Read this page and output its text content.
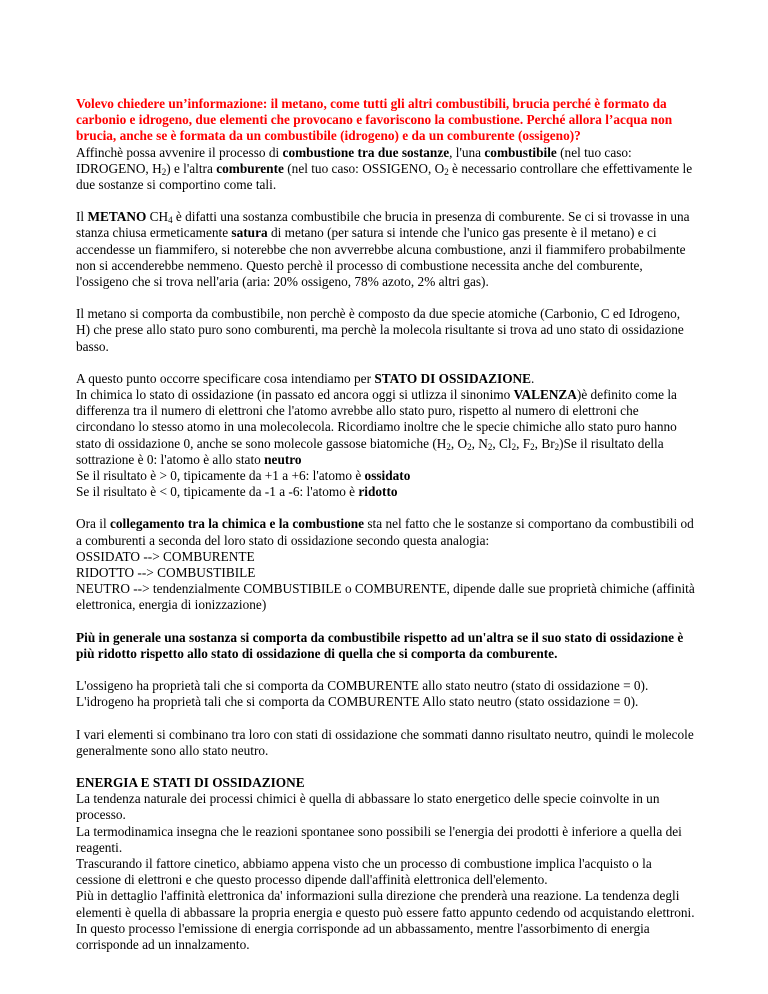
Volevo chiedere un’informazione: il metano, come tutti gli altri combustibili, brucia perché è formato da carbonio e idrogeno, due elementi che provocano e favoriscono la combustione. Perché allora l’acqua non brucia, anche se è formata da un combustibile (idrogeno) e da un comburente (ossigeno)?

Affinchè possa avvenire il processo di combustione tra due sostanze, l'una combustibile (nel tuo caso: IDROGENO, $H_2$) e l'altra comburente (nel tuo caso: OSSIGENO, $O_2$ è necessario controllare che effettivamente le due sostanze si comportino come tali.

Il METANO $CH_4$ è difatti una sostanza combustibile che brucia in presenza di comburente. Se ci si trovasse in una stanza chiusa ermeticamente satura di metano (per satura si intende che l'unico gas presente è il metano) e ci accendesse un fiammifero, si noterebbe che non avverrebbe alcuna combustione, anzi il fiammifero probabilmente non si accenderebbe nemmeno. Questo perchè il processo di combustione necessita anche del comburente, l'ossigeno che si trova nell'aria (aria: 20% ossigeno, 78% azoto, 2% altri gas).

Il metano si comporta da combustibile, non perchè è composto da due specie atomiche (Carbonio, C ed Idrogeno, H) che prese allo stato puro sono comburenti, ma perchè la molecola risultante si trova ad uno stato di ossidazione basso.

A questo punto occorre specificare cosa intendiamo per STATO DI OSSIDAZIONE.
In chimica lo stato di ossidazione (in passato ed ancora oggi si utlizza il sinonimo VALENZA)è definito come la differenza tra il numero di elettroni che l'atomo avrebbe allo stato puro, rispetto al numero di elettroni che circondano lo stesso atomo in una molecolecola. Ricordiamo inoltre che le specie chimiche allo stato puro hanno stato di ossidazione 0, anche se sono molecole gassose biatomiche ($H_2$, $O_2$, $N_2$, $Cl_2$, $F_2$, $Br_2)Se$ il risultato della sottrazione è 0: l'atomo è allo stato neutro
Se il risultato è > 0, tipicamente da +1 a +6: l'atomo è ossidato
Se il risultato è < 0, tipicamente da -1 a -6: l'atomo è ridotto

Ora il collegamento tra la chimica e la combustione sta nel fatto che le sostanze si comportano da combustibili od a comburenti a seconda del loro stato di ossidazione secondo questa analogia:
OSSIDATO --> COMBURENTE
RIDOTTO --> COMBUSTIBILE
NEUTRO --> tendenzialmente COMBUSTIBILE o COMBURENTE, dipende dalle sue proprietà chimiche (affinità elettronica, energia di ionizzazione)

Più in generale una sostanza si comporta da combustibile rispetto ad un'altra se il suo stato di ossidazione è più ridotto rispetto allo stato di ossidazione di quella che si comporta da comburente.

L'ossigeno ha proprietà tali che si comporta da COMBURENTE allo stato neutro (stato di ossidazione = 0).
L'idrogeno ha proprietà tali che si comporta da COMBURENTE Allo stato neutro (stato ossidazione = 0).

I vari elementi si combinano tra loro con stati di ossidazione che sommati danno risultato neutro, quindi le molecole generalmente sono allo stato neutro.

ENERGIA E STATI DI OSSIDAZIONE
La tendenza naturale dei processi chimici è quella di abbassare lo stato energetico delle specie coinvolte in un processo.
La termodinamica insegna che le reazioni spontanee sono possibili se l'energia dei prodotti è inferiore a quella dei reagenti.
Trascurando il fattore cinetico, abbiamo appena visto che un processo di combustione implica l'acquisto o la cessione di elettroni e che questo processo dipende dall'affinità elettronica dell'elemento.
Più in dettaglio l'affinità elettronica da' informazioni sulla direzione che prenderà una reazione. La tendenza degli elementi è quella di abbassare la propria energia e questo può essere fatto appunto cedendo od acquistando elettroni. In questo processo l'emissione di energia corrisponde ad un abbassamento, mentre l'assorbimento di energia corrisponde ad un innalzamento.
